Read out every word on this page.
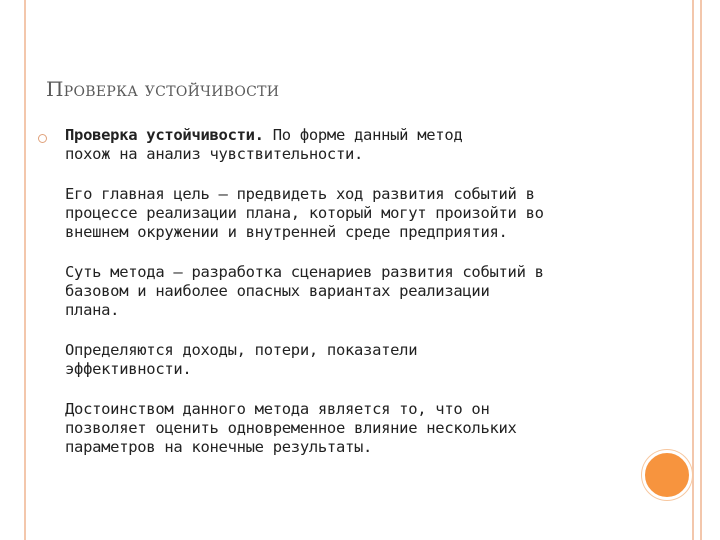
Проверка устойчивости
Проверка устойчивости. По форме данный метод
похож на анализ чувствительности.
Его главная цель – предвидеть ход развития событий в
процессе реализации плана, который могут произойти во
внешнем окружении и внутренней среде предприятия.
Суть метода – разработка сценариев развития событий в
базовом и наиболее опасных вариантах реализации
плана.
Определяются доходы, потери, показатели
эффективности.
Достоинством данного метода является то, что он
позволяет оценить одновременное влияние нескольких
параметров на конечные результаты.
